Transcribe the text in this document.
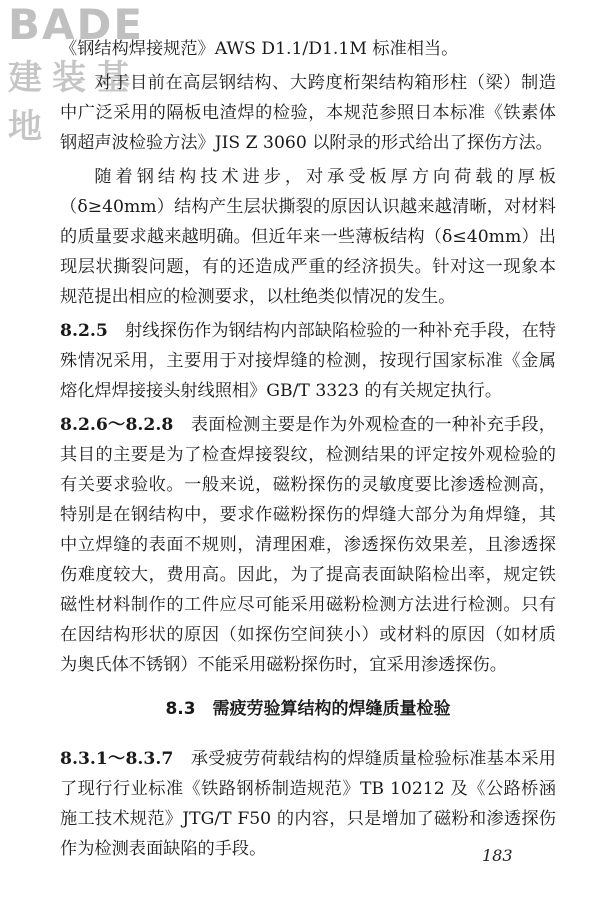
BADE
建装基地

《钢结构焊接规范》AWS D1.1/D1.1M 标准相当。

对于目前在高层钢结构、大跨度桁架结构箱形柱（梁）制造中广泛采用的隔板电渣焊的检验，本规范参照日本标准《铁素体钢超声波检验方法》JIS Z 3060 以附录的形式给出了探伤方法。

随着钢结构技术进步，对承受板厚方向荷载的厚板（δ≥40mm）结构产生层状撕裂的原因认识越来越清晰，对材料的质量要求越来越明确。但近年来一些薄板结构（δ≤40mm）出现层状撕裂问题，有的还造成严重的经济损失。针对这一现象本规范提出相应的检测要求，以杜绝类似情况的发生。

8.2.5　 射线探伤作为钢结构内部缺陷检验的一种补充手段，在特殊情况采用，主要用于对接焊缝的检测，按现行国家标准《金属熔化焊焊接接头射线照相》GB/T 3323 的有关规定执行。

8.2.6～8.2.8　 表面检测主要是作为外观检查的一种补充手段，其目的主要是为了检查焊接裂纹，检测结果的评定按外观检验的有关要求验收。一般来说，磁粉探伤的灵敏度要比渗透检测高，特别是在钢结构中，要求作磁粉探伤的焊缝大部分为角焊缝，其中立焊缝的表面不规则，清理困难，渗透探伤效果差，且渗透探伤难度较大，费用高。因此，为了提高表面缺陷检出率，规定铁磁性材料制作的工件应尽可能采用磁粉检测方法进行检测。只有在因结构形状的原因（如探伤空间狭小）或材料的原因（如材质为奥氏体不锈钢）不能采用磁粉探伤时，宜采用渗透探伤。

8.3　需疲劳验算结构的焊缝质量检验

8.3.1～8.3.7　 承受疲劳荷载结构的焊缝质量检验标准基本采用了现行行业标准《铁路钢桥制造规范》TB 10212 及《公路桥涵施工技术规范》JTG/T F50 的内容，只是增加了磁粉和渗透探伤作为检测表面缺陷的手段。	183
